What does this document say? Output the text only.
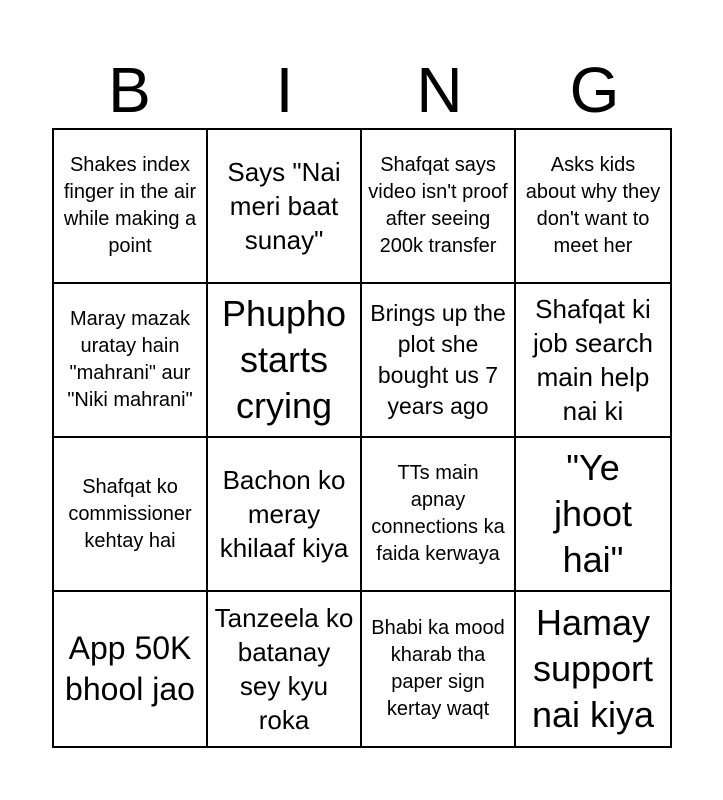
B	I	N	G
Shakes index finger in the air while making a point
Says "Nai meri baat sunay"
Shafqat says video isn't proof after seeing 200k transfer
Asks kids about why they don't want to meet her
Maray mazak uratay hain "mahrani" aur "Niki mahrani"
Phupho starts crying
Brings up the plot she bought us 7 years ago
Shafqat ki job search main help nai ki
Shafqat ko commissioner kehtay hai
Bachon ko meray khilaaf kiya
TTs main apnay connections ka faida kerwaya
"Ye jhoot hai"
App 50K bhool jao
Tanzeela ko batanay sey kyu roka
Bhabi ka mood kharab tha paper sign kertay waqt
Hamay support nai kiya
